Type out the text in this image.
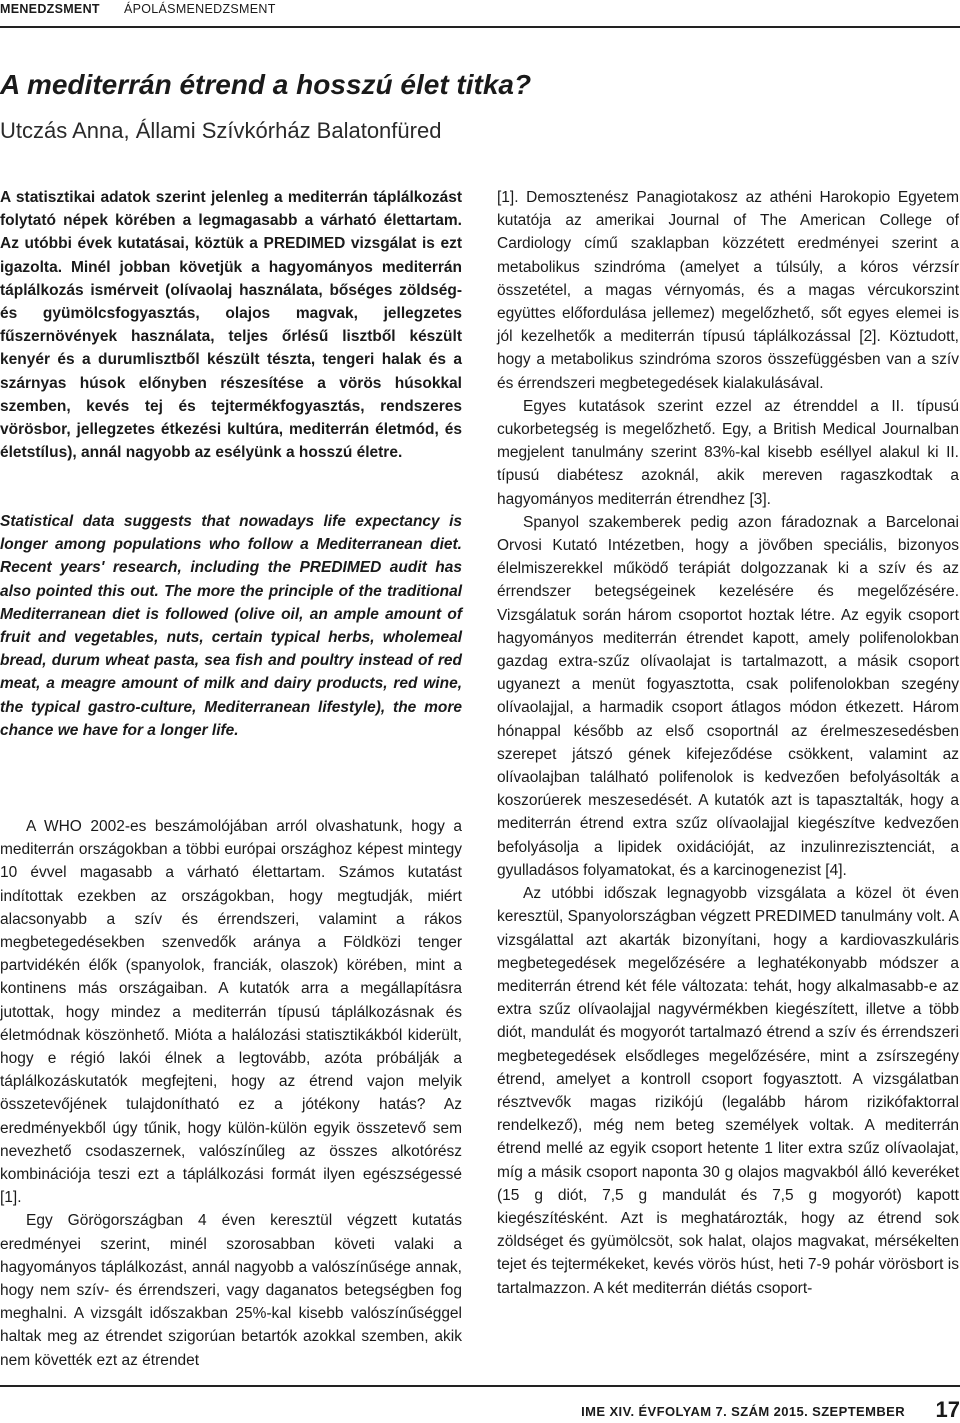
MENEDZSMENT ÁPOLÁSMENEDZSMENT
A mediterrán étrend a hosszú élet titka?
Utczás Anna, Állami Szívkórház Balatonfüred

A statisztikai adatok szerint jelenleg a mediterrán táplálkozást folytató népek körében a legmagasabb a várható élettartam. Az utóbbi évek kutatásai, köztük a PREDIMED vizsgálat is ezt igazolta. Minél jobban követjük a hagyományos mediterrán táplálkozás ismérveit (olívaolaj használata, bőséges zöldség- és gyümölcsfogyasztás, olajos magvak, jellegzetes fűszernövények használata, teljes őrlésű lisztből készült kenyér és a durumlisztből készült tészta, tengeri halak és a szárnyas húsok előnyben részesítése a vörös húsokkal szemben, kevés tej és tejtermékfogyasztás, rendszeres vörösbor, jellegzetes étkezési kultúra, mediterrán életmód, és életstílus), annál nagyobb az esélyünk a hosszú életre.

Statistical data suggests that nowadays life expectancy is longer among populations who follow a Mediterranean diet. Recent years' research, including the PREDIMED audit has also pointed this out. The more the principle of the traditional Mediterranean diet is followed (olive oil, an ample amount of fruit and vegetables, nuts, certain typical herbs, wholemeal bread, durum wheat pasta, sea fish and poultry instead of red meat, a meagre amount of milk and dairy products, red wine, the typical gastro-culture, Mediterranean lifestyle), the more chance we have for a longer life.

A WHO 2002-es beszámolójában arról olvashatunk, hogy a mediterrán országokban a többi európai országhoz képest mintegy 10 évvel magasabb a várható élettartam. Számos kutatást indítottak ezekben az országokban, hogy megtudják, miért alacsonyabb a szív és érrendszeri, valamint a rákos megbetegedésekben szenvedők aránya a Földközi tenger partvidékén élők (spanyolok, franciák, olaszok) körében, mint a kontinens más országaiban. A kutatók arra a megállapításra jutottak, hogy mindez a mediterrán típusú táplálkozásnak és életmódnak köszönhető. Mióta a halálozási statisztikákból kiderült, hogy e régió lakói élnek a legtovább, azóta próbálják a táplálkozáskutatók megfejteni, hogy az étrend vajon melyik összetevőjének tulajdonítható ez a jótékony hatás? Az eredményekből úgy tűnik, hogy külön-külön egyik összetevő sem nevezhető csodaszernek, valószínűleg az összes alkotórész kombinációja teszi ezt a táplálkozási formát ilyen egészségessé [1].

Egy Görögországban 4 éven keresztül végzett kutatás eredményei szerint, minél szorosabban követi valaki a hagyományos táplálkozást, annál nagyobb a valószínűsége annak, hogy nem szív- és érrendszeri, vagy daganatos betegségben fog meghalni. A vizsgált időszakban 25%-kal kisebb valószínűséggel haltak meg az étrendet szigorúan betartók azokkal szemben, akik nem követték ezt az étrendet

[1]. Demosztenész Panagiotakosz az athéni Harokopio Egyetem kutatója az amerikai Journal of The American College of Cardiology című szaklapban közzétett eredményei szerint a metabolikus szindróma (amelyet a túlsúly, a kóros vérzsír összetétel, a magas vérnyomás, és a magas vércukorszint együttes előfordulása jellemez) megelőzhető, sőt egyes elemei is jól kezelhetők a mediterrán típusú táplálkozással [2]. Köztudott, hogy a metabolikus szindróma szoros összefüggésben van a szív és érrendszeri megbetegedések kialakulásával.

Egyes kutatások szerint ezzel az étrenddel a II. típusú cukorbetegség is megelőzhető. Egy, a British Medical Journalban megjelent tanulmány szerint 83%-kal kisebb eséllyel alakul ki II. típusú diabétesz azoknál, akik mereven ragaszkodtak a hagyományos mediterrán étrendhez [3].

Spanyol szakemberek pedig azon fáradoznak a Barcelonai Orvosi Kutató Intézetben, hogy a jövőben speciális, bizonyos élelmiszerekkel működő terápiát dolgozzanak ki a szív és az érrendszer betegségeinek kezelésére és megelőzésére. Vizsgálatuk során három csoportot hoztak létre. Az egyik csoport hagyományos mediterrán étrendet kapott, amely polifenolokban gazdag extra-szűz olívaolajat is tartalmazott, a másik csoport ugyanezt a menüt fogyasztotta, csak polifenolokban szegény olívaolajjal, a harmadik csoport átlagos módon étkezett. Három hónappal később az első csoportnál az érelmeszesedésben szerepet játszó gének kifejeződése csökkent, valamint az olívaolajban található polifenolok is kedvezően befolyásolták a koszorúerek meszesedését. A kutatók azt is tapasztalták, hogy a mediterrán étrend extra szűz olívaolajjal kiegészítve kedvezően befolyásolja a lipidek oxidációját, az inzulinrezisztenciát, a gyulladásos folyamatokat, és a karcinogenezist [4].

Az utóbbi időszak legnagyobb vizsgálata a közel öt éven keresztül, Spanyolországban végzett PREDIMED tanulmány volt. A vizsgálattal azt akarták bizonyítani, hogy a kardiovaszkuláris megbetegedések megelőzésére a leghatékonyabb módszer a mediterrán étrend két féle változata: tehát, hogy alkalmasabb-e az extra szűz olívaolajjal nagyvérmékben kiegészített, illetve a több diót, mandulát és mogyorót tartalmazó étrend a szív és érrendszeri megbetegedések elsődleges megelőzésére, mint a zsírszegény étrend, amelyet a kontroll csoport fogyasztott. A vizsgálatban résztvevők magas rizikójú (legalább három rizikófaktorral rendelkező), még nem beteg személyek voltak. A mediterrán étrend mellé az egyik csoport hetente 1 liter extra szűz olívaolajat, míg a másik csoport naponta 30 g olajos magvakból álló keveréket (15 g diót, 7,5 g mandulát és 7,5 g mogyorót) kapott kiegészítésként. Azt is meghatározták, hogy az étrend sok zöldséget és gyümölcsöt, sok halat, olajos magvakat, mérsékelten tejet és tejtermékeket, kevés vörös húst, heti 7-9 pohár vörösbort is tartalmazzon. A két mediterrán diétás csoport-

IME XIV. ÉVFOLYAM 7. SZÁM 2015. SZEPTEMBER	17
